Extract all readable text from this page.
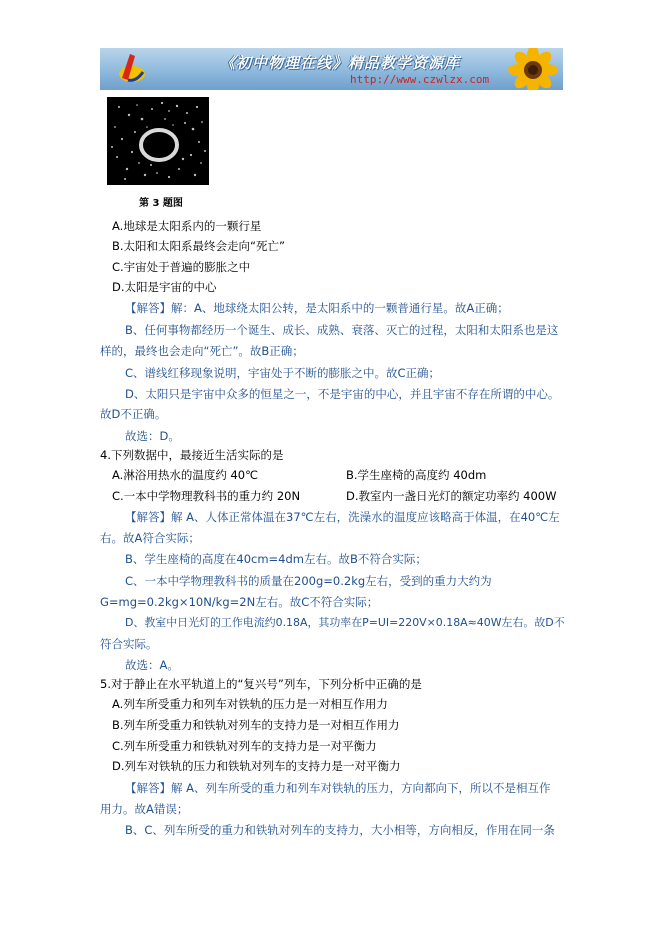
《初中物理在线》精品教学资源库
http://www.czwlzx.com
第 3 题图
A.地球是太阳系内的一颗行星
B.太阳和太阳系最终会走向“死亡”
C.宇宙处于普遍的膨胀之中
D.太阳是宇宙的中心
【解答】解：A、地球绕太阳公转，是太阳系中的一颗普通行星。故A正确；
B、任何事物都经历一个诞生、成长、成熟、衰落、灭亡的过程，太阳和太阳系也是这
样的，最终也会走向“死亡”。故B正确；
C、谱线红移现象说明，宇宙处于不断的膨胀之中。故C正确；
D、太阳只是宇宙中众多的恒星之一，不是宇宙的中心，并且宇宙不存在所谓的中心。
故D不正确。
故选：D。
4.下列数据中，最接近生活实际的是
A.淋浴用热水的温度约 40℃	B.学生座椅的高度约 40dm
C.一本中学物理教科书的重力约 20N	D.教室内一盏日光灯的额定功率约 400W
【解答】解 A、人体正常体温在37℃左右，洗澡水的温度应该略高于体温，在40℃左
右。故A符合实际；
B、学生座椅的高度在40cm=4dm左右。故B不符合实际；
C、一本中学物理教科书的质量在200g=0.2kg左右，受到的重力大约为
G=mg=0.2kg×10N/kg=2N左右。故C不符合实际；
D、教室中日光灯的工作电流约0.18A，其功率在P=UI=220V×0.18A≈40W左右。故D不
符合实际。
故选：A。
5.对于静止在水平轨道上的“复兴号”列车，下列分析中正确的是
A.列车所受重力和列车对铁轨的压力是一对相互作用力
B.列车所受重力和铁轨对列车的支持力是一对相互作用力
C.列车所受重力和铁轨对列车的支持力是一对平衡力
D.列车对铁轨的压力和铁轨对列车的支持力是一对平衡力
【解答】解 A、列车所受的重力和列车对铁轨的压力，方向都向下，所以不是相互作
用力。故A错误；
B、C、列车所受的重力和铁轨对列车的支持力，大小相等，方向相反，作用在同一条
